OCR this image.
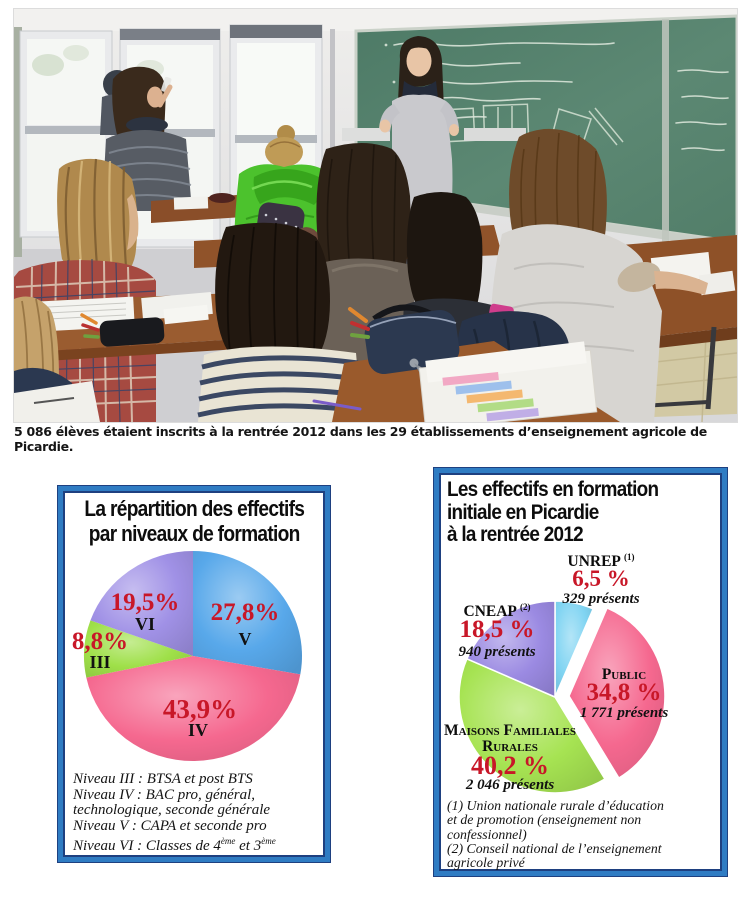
5 086 élèves étaient inscrits à la rentrée 2012 dans les 29 établissements d’enseignement agricole de Picardie.
La répartition des effectifs
par niveaux de formation
19,5%
VI 27,8%
V
8,8%
III
43,9%
IV
Niveau III : BTSA et post BTS
Niveau IV : BAC pro, général,
technologique, seconde générale
Niveau V : CAPA et seconde pro
Niveau VI : Classes de 4ème et 3ème
Les effectifs en formation
initiale en Picardie
à la rentrée 2012
UNREP  $^{(1)}$
6,5 %
329 présents
CNEAP  $^{(2)}$
18,5 %
940 présents
Public
34,8 %
1 771 présents
Maisons Familiales
Rurales
40,2 %
2 046 présents
(1) Union nationale rurale d’éducation
et de promotion (enseignement non
confessionnel)
(2) Conseil national de l’enseignement
agricole privé
